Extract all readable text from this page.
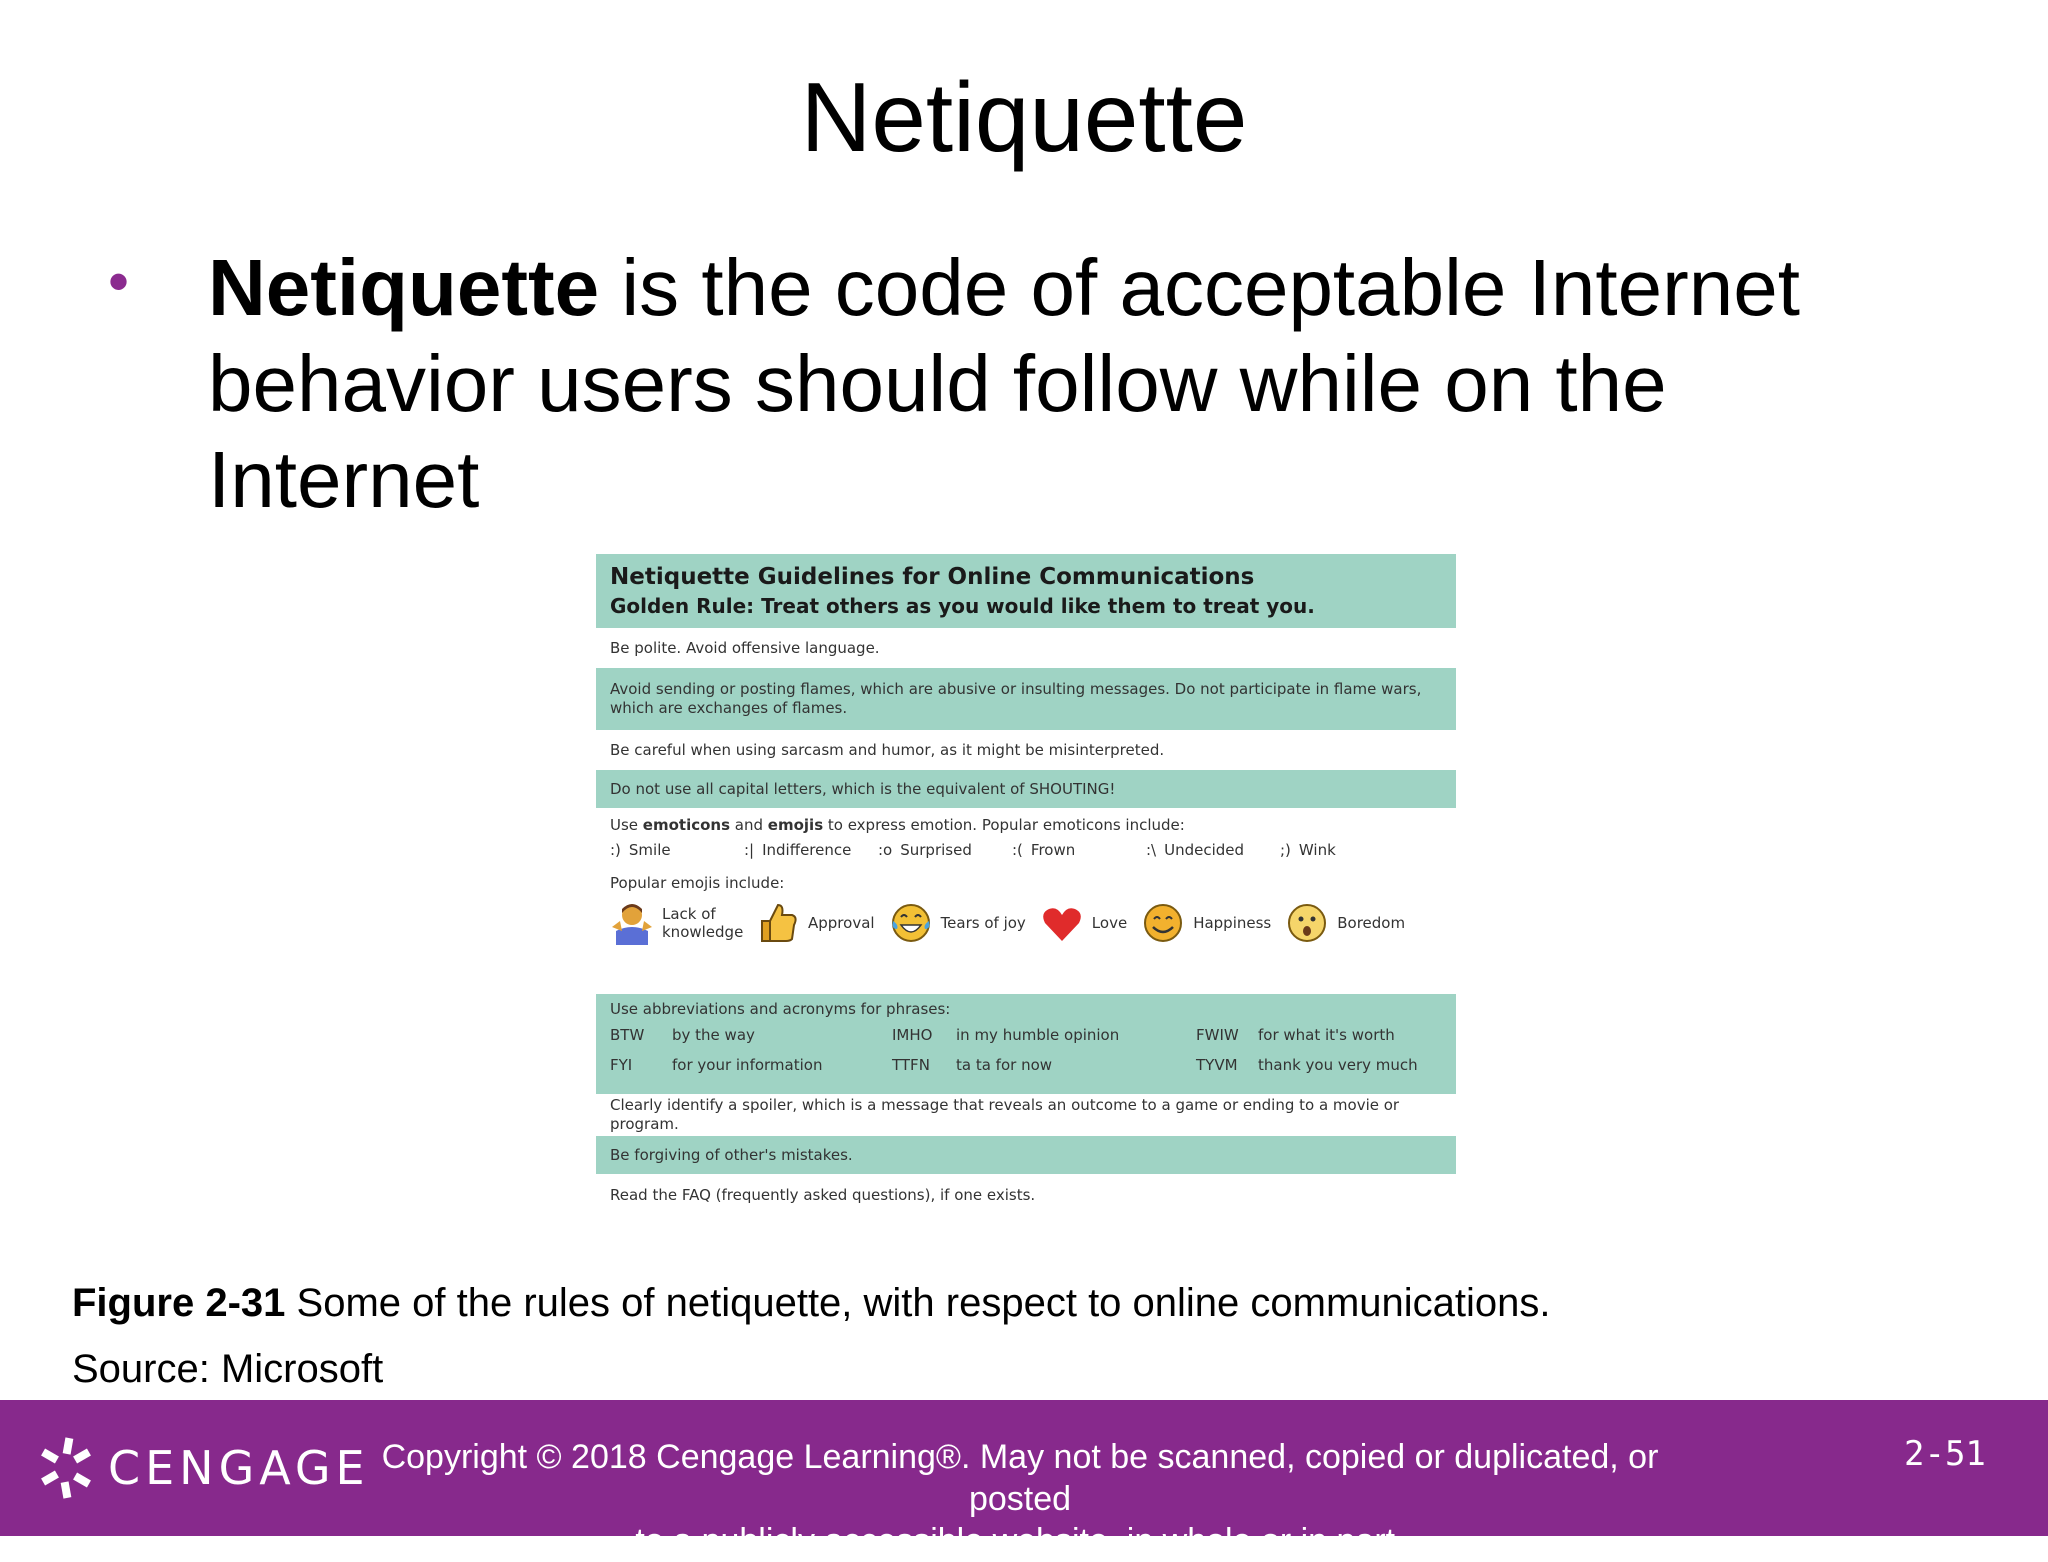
Netiquette
• Netiquette is the code of acceptable Internet behavior users should follow while on the Internet
Netiquette Guidelines for Online Communications
Golden Rule: Treat others as you would like them to treat you.
Be polite. Avoid offensive language.
Avoid sending or posting flames, which are abusive or insulting messages. Do not participate in flame wars, which are exchanges of flames.
Be careful when using sarcasm and humor, as it might be misinterpreted.
Do not use all capital letters, which is the equivalent of SHOUTING!
Use emoticons and emojis to express emotion. Popular emoticons include:
:) Smile	:| Indifference	:o Surprised	:( Frown	:\ Undecided	;) Wink
Popular emojis include:
Lack of knowledge	Approval	Tears of joy	Love	Happiness	Boredom
Use abbreviations and acronyms for phrases:
BTW	by the way	IMHO	in my humble opinion	FWIW	for what it's worth
FYI	for your information	TTFN	ta ta for now	TYVM	thank you very much
Clearly identify a spoiler, which is a message that reveals an outcome to a game or ending to a movie or program.
Be forgiving of other's mistakes.
Read the FAQ (frequently asked questions), if one exists.
Figure 2-31 Some of the rules of netiquette, with respect to online communications.
Source: Microsoft
CENGAGE Copyright © 2018 Cengage Learning®. May not be scanned, copied or duplicated, or posted
to a publicly accessible website, in whole or in part.
2-51
